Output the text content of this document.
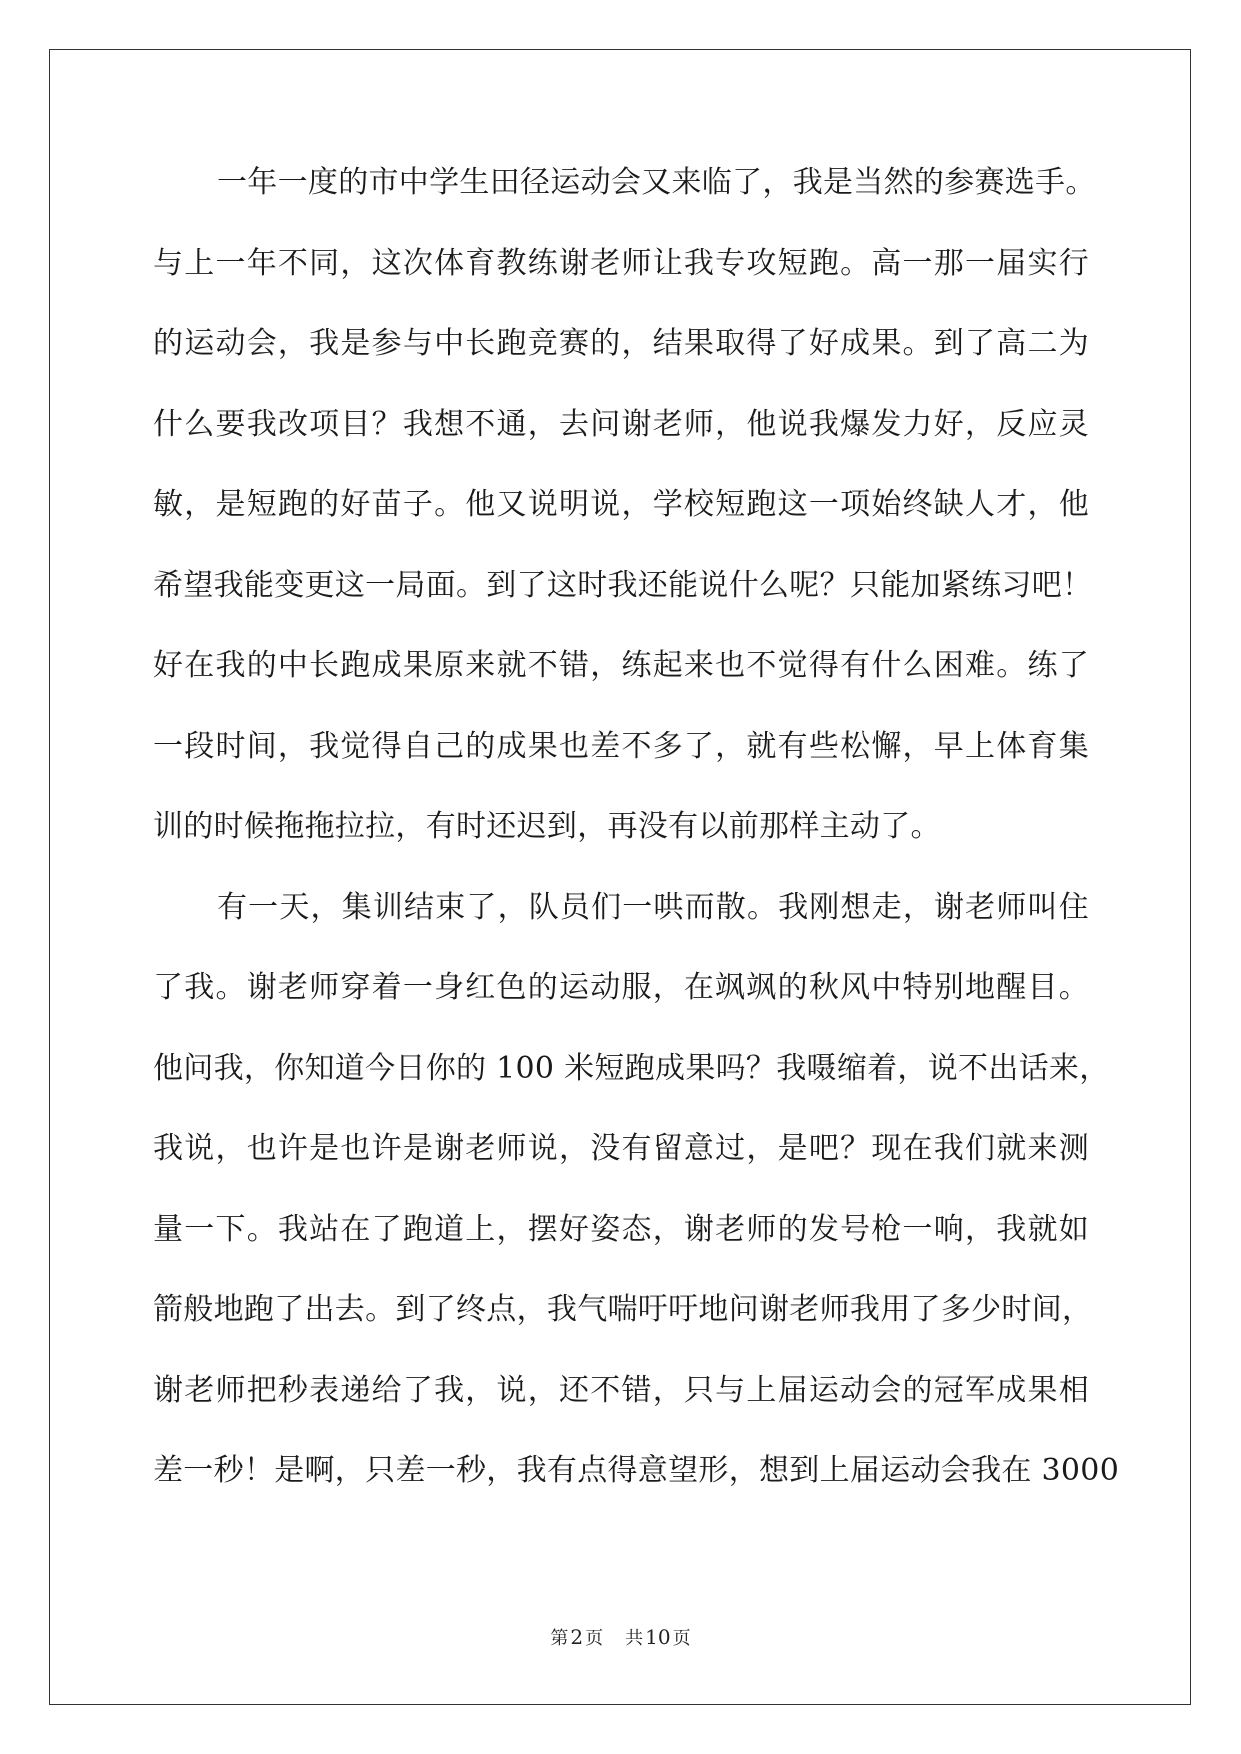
一年一度的市中学生田径运动会又来临了，我是当然的参赛选手。
与上一年不同，这次体育教练谢老师让我专攻短跑。高一那一届实行
的运动会，我是参与中长跑竞赛的，结果取得了好成果。到了高二为
什么要我改项目？我想不通，去问谢老师，他说我爆发力好，反应灵
敏，是短跑的好苗子。他又说明说，学校短跑这一项始终缺人才，他
希望我能变更这一局面。到了这时我还能说什么呢？只能加紧练习吧！
好在我的中长跑成果原来就不错，练起来也不觉得有什么困难。练了
一段时间，我觉得自己的成果也差不多了，就有些松懈，早上体育集
训的时候拖拖拉拉，有时还迟到，再没有以前那样主动了。
有一天，集训结束了，队员们一哄而散。我刚想走，谢老师叫住
了我。谢老师穿着一身红色的运动服，在飒飒的秋风中特别地醒目。
他问我，你知道今日你的 100 米短跑成果吗？我嗫缩着，说不出话来，
我说，也许是也许是谢老师说，没有留意过，是吧？现在我们就来测
量一下。我站在了跑道上，摆好姿态，谢老师的发号枪一响，我就如
箭般地跑了出去。到了终点，我气喘吁吁地问谢老师我用了多少时间，
谢老师把秒表递给了我，说，还不错，只与上届运动会的冠军成果相
差一秒！是啊，只差一秒，我有点得意望形，想到上届运动会我在 3000
第 2 页 共 10 页
